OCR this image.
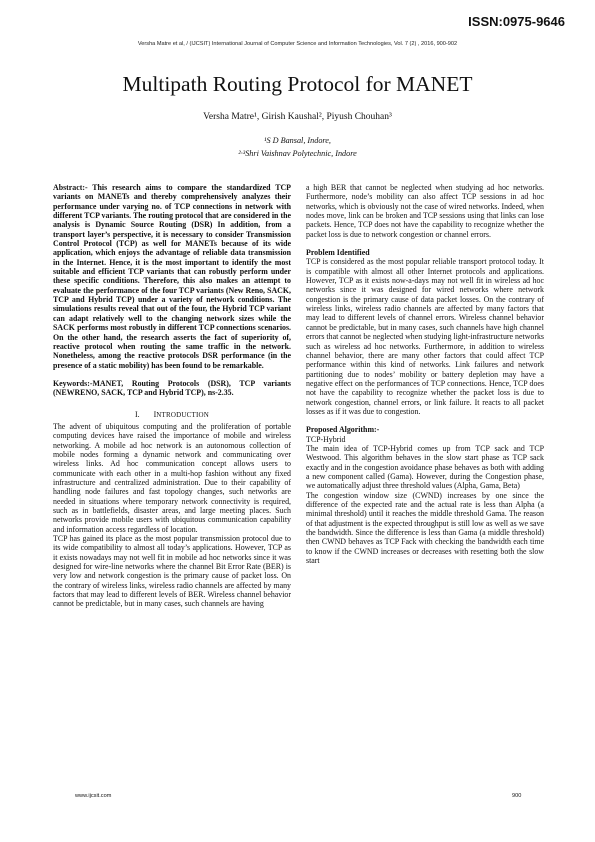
ISSN:0975-9646
Versha Matre et al, / (IJCSIT) International Journal of Computer Science and Information Technologies, Vol. 7 (2) , 2016, 900-902
Multipath Routing Protocol for MANET
Versha Matre¹, Girish Kaushal², Piyush Chouhan³
¹S D Bansal, Indore,
²·³Shri Vaishnav Polytechnic, Indore

Abstract:- This research aims to compare the standardized TCP variants on MANETs and thereby comprehensively analyzes their performance under varying no. of TCP connections in network with different TCP variants. The routing protocol that are considered in the analysis is Dynamic Source Routing (DSR) In addition, from a transport layer’s perspective, it is necessary to consider Transmission Control Protocol (TCP) as well for MANETs because of its wide application, which enjoys the advantage of reliable data transmission in the Internet. Hence, it is the most important to identify the most suitable and efficient TCP variants that can robustly perform under these specific conditions. Therefore, this also makes an attempt to evaluate the performance of the four TCP variants (New Reno, SACK, TCP and Hybrid TCP) under a variety of network conditions. The simulations results reveal that out of the four, the Hybrid TCP variant can adapt relatively well to the changing network sizes while the SACK performs most robustly in different TCP connections scenarios. On the other hand, the research asserts the fact of superiority of, reactive protocol when routing the same traffic in the network. Nonetheless, among the reactive protocols DSR performance (in the presence of a static mobility) has been found to be remarkable.

Keywords:-MANET, Routing Protocols (DSR), TCP variants (NEWRENO, SACK, TCP and Hybrid TCP), ns-2.35.

I. INTRODUCTION

The advent of ubiquitous computing and the proliferation of portable computing devices have raised the importance of mobile and wireless networking. A mobile ad hoc network is an autonomous collection of mobile nodes forming a dynamic network and communicating over wireless links. Ad hoc communication concept allows users to communicate with each other in a multi-hop fashion without any fixed infrastructure and centralized administration. Due to their capability of handling node failures and fast topology changes, such networks are needed in situations where temporary network connectivity is required, such as in battlefields, disaster areas, and large meeting places. Such networks provide mobile users with ubiquitous communication capability and information access regardless of location.

TCP has gained its place as the most popular transmission protocol due to its wide compatibility to almost all today’s applications. However, TCP as it exists nowadays may not well fit in mobile ad hoc networks since it was designed for wire-line networks where the channel Bit Error Rate (BER) is very low and network congestion is the primary cause of packet loss. On the contrary of wireless links, wireless radio channels are affected by many factors that may lead to different levels of BER. Wireless channel behavior cannot be predictable, but in many cases, such channels are having

a high BER that cannot be neglected when studying ad hoc networks. Furthermore, node’s mobility can also affect TCP sessions in ad hoc networks, which is obviously not the case of wired networks. Indeed, when nodes move, link can be broken and TCP sessions using that links can lose packets. Hence, TCP does not have the capability to recognize whether the packet loss is due to network congestion or channel errors.

Problem Identified

TCP is considered as the most popular reliable transport protocol today. It is compatible with almost all other Internet protocols and applications. However, TCP as it exists now-a-days may not well fit in wireless ad hoc networks since it was designed for wired networks where network congestion is the primary cause of data packet losses. On the contrary of wireless links, wireless radio channels are affected by many factors that may lead to different levels of channel errors. Wireless channel behavior cannot be predictable, but in many cases, such channels have high channel errors that cannot be neglected when studying light-infrastructure networks such as wireless ad hoc networks. Furthermore, in addition to wireless channel behavior, there are many other factors that could affect TCP performance within this kind of networks. Link failures and network partitioning due to nodes’ mobility or battery depletion may have a negative effect on the performances of TCP connections. Hence, TCP does not have the capability to recognize whether the packet loss is due to network congestion, channel errors, or link failure. It reacts to all packet losses as if it was due to congestion.

Proposed Algorithm:-

TCP-Hybrid

The main idea of TCP-Hybrid comes up from TCP sack and TCP Westwood. This algorithm behaves in the slow start phase as TCP sack exactly and in the congestion avoidance phase behaves as both with adding a new component called (Gama). However, during the Congestion phase, we automatically adjust three threshold values (Alpha, Gama, Beta)

The congestion window size (CWND) increases by one since the difference of the expected rate and the actual rate is less than Alpha (a minimal threshold) until it reaches the middle threshold Gama. The reason of that adjustment is the expected throughput is still low as well as we save the bandwidth. Since the difference is less than Gama (a middle threshold) then CWND behaves as TCP Fack with checking the bandwidth each time to know if the CWND increases or decreases with resetting both the slow start

www.ijcsit.com	900
